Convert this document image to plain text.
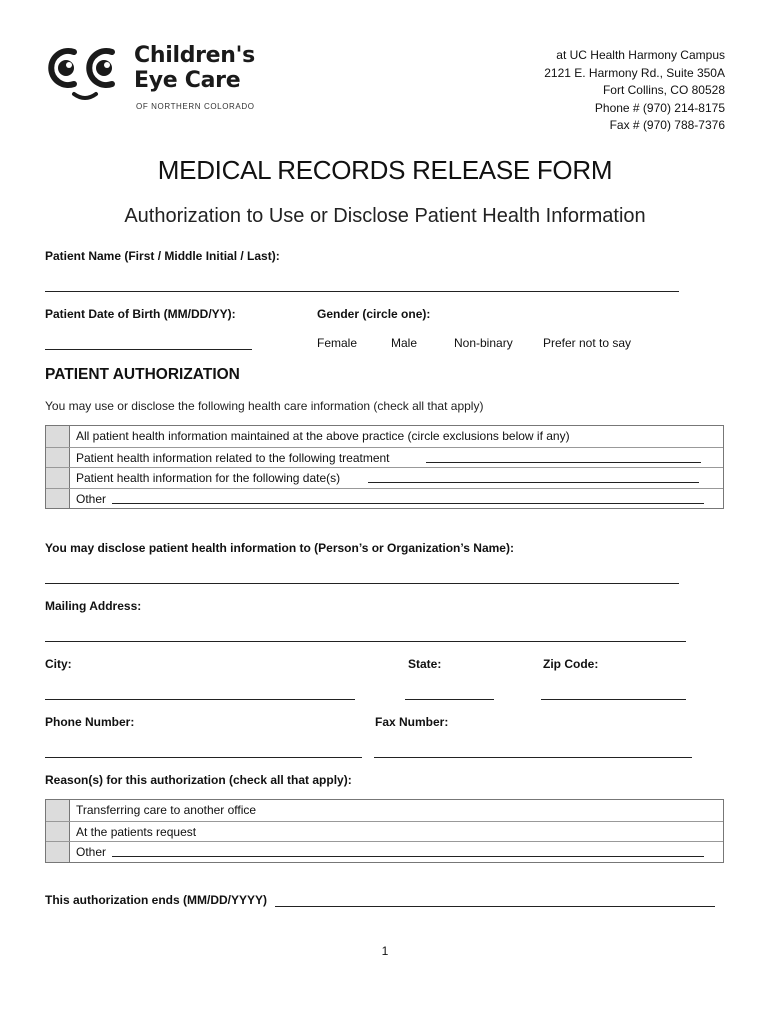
Children's
Eye Care
OF NORTHERN COLORADO
at UC Health Harmony Campus
2121 E. Harmony Rd., Suite 350A
Fort Collins, CO 80528
Phone # (970) 214-8175
Fax # (970) 788-7376
MEDICAL RECORDS RELEASE FORM
Authorization to Use or Disclose Patient Health Information
Patient Name (First / Middle Initial / Last):
Patient Date of Birth (MM/DD/YY):	Gender (circle one):
Female	Male	Non-binary	Prefer not to say
PATIENT AUTHORIZATION
You may use or disclose the following health care information (check all that apply)
All patient health information maintained at the above practice (circle exclusions below if any)
Patient health information related to the following treatment
Patient health information for the following date(s)
Other
You may disclose patient health information to (Person’s or Organization’s Name):
Mailing Address:
City:	State:	Zip Code:
Phone Number:	Fax Number:
Reason(s) for this authorization (check all that apply):
Transferring care to another office
At the patients request
Other
This authorization ends (MM/DD/YYYY)
1
